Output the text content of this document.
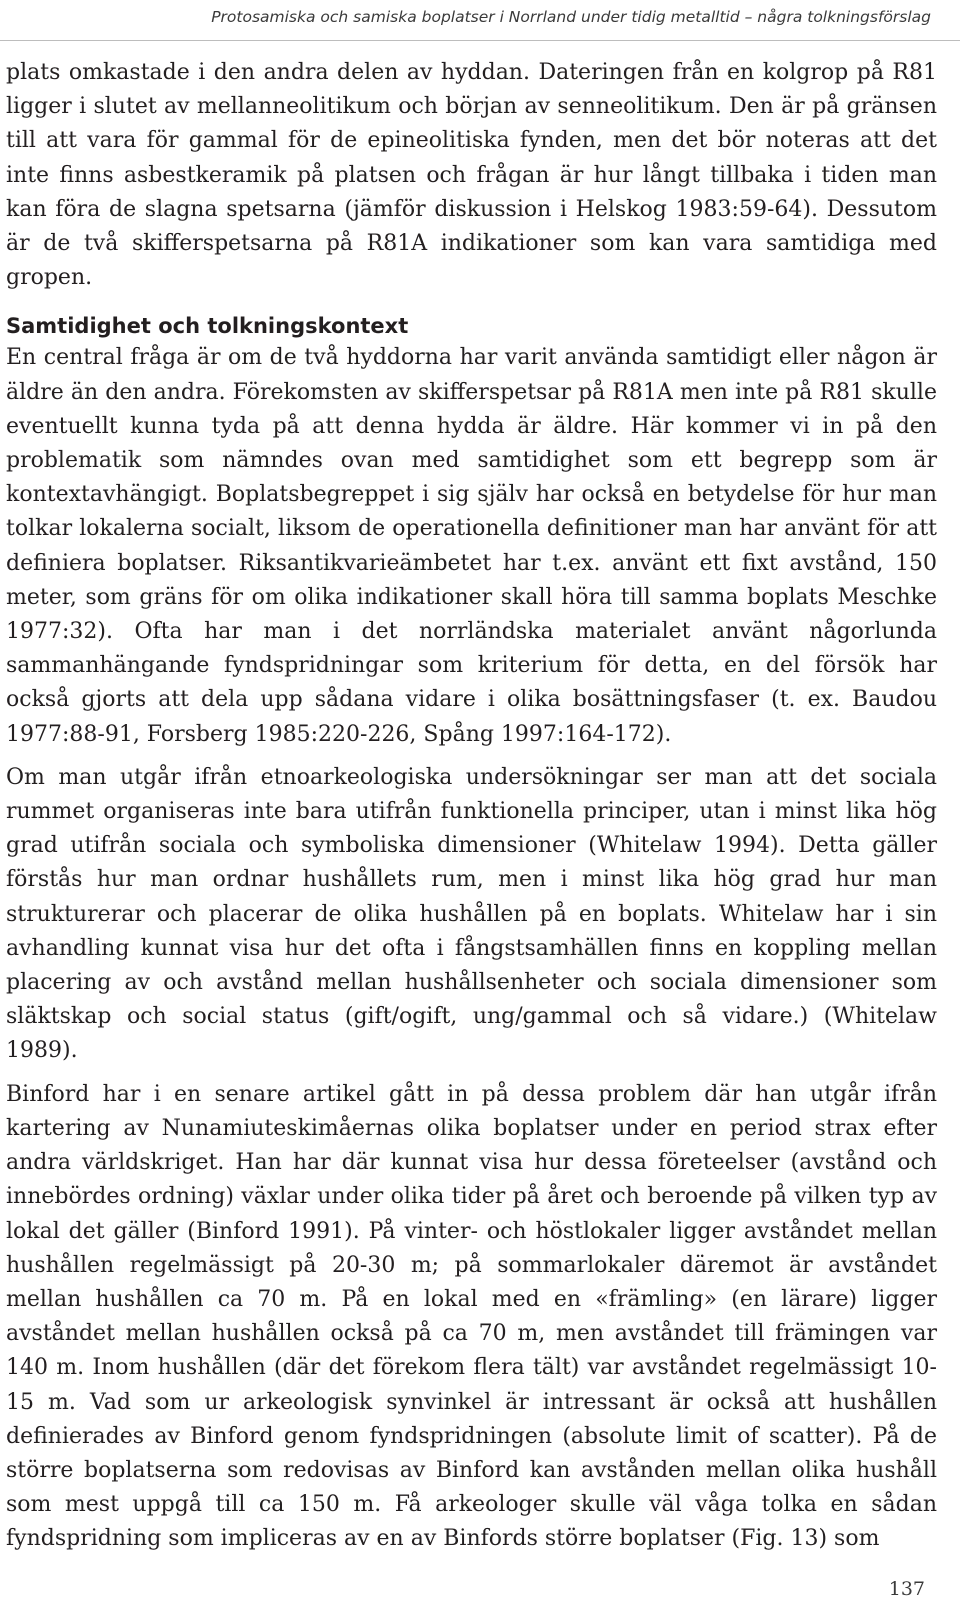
Protosamiska och samiska boplatser i Norrland under tidig metalltid – några tolkningsförslag

plats omkastade i den andra delen av hyddan. Dateringen från en kolgrop på R81 ligger i slutet av mellanneolitikum och början av senneolitikum. Den är på gränsen till att vara för gammal för de epineolitiska fynden, men det bör noteras att det inte finns asbestkeramik på platsen och frågan är hur långt tillbaka i tiden man kan föra de slagna spetsarna (jämför diskussion i Helskog 1983:59-64). Dessutom är de två skifferspetsarna på R81A indikationer som kan vara samtidiga med gropen.

Samtidighet och tolkningskontext

En central fråga är om de två hyddorna har varit använda samtidigt eller någon är äldre än den andra. Förekomsten av skifferspetsar på R81A men inte på R81 skulle eventuellt kunna tyda på att denna hydda är äldre. Här kommer vi in på den problematik som nämndes ovan med samtidighet som ett begrepp som är kontextavhängigt. Boplatsbegreppet i sig själv har också en betydelse för hur man tolkar lokalerna socialt, liksom de operationella definitioner man har använt för att definiera boplatser. Riksantikvarieämbetet har t.ex. använt ett fixt avstånd, 150 meter, som gräns för om olika indikationer skall höra till samma boplats Meschke 1977:32). Ofta har man i det norrländska materialet använt någorlunda sammanhängande fyndspridningar som kriterium för detta, en del försök har också gjorts att dela upp sådana vidare i olika bosättningsfaser (t. ex. Baudou 1977:88-91, Forsberg 1985:220-226, Spång 1997:164-172).

Om man utgår ifrån etnoarkeologiska undersökningar ser man att det sociala rummet organiseras inte bara utifrån funktionella principer, utan i minst lika hög grad utifrån sociala och symboliska dimensioner (Whitelaw 1994). Detta gäller förstås hur man ordnar hushållets rum, men i minst lika hög grad hur man strukturerar och placerar de olika hushållen på en boplats. Whitelaw har i sin avhandling kunnat visa hur det ofta i fångstsamhällen finns en koppling mellan placering av och avstånd mellan hushållsenheter och sociala dimensioner som släktskap och social status (gift/ogift, ung/gammal och så vidare.) (Whitelaw 1989).

Binford har i en senare artikel gått in på dessa problem där han utgår ifrån kartering av Nunamiuteskimåernas olika boplatser under en period strax efter andra världskriget. Han har där kunnat visa hur dessa företeelser (avstånd och innebördes ordning) växlar under olika tider på året och beroende på vilken typ av lokal det gäller (Binford 1991). På vinter- och höstlokaler ligger avståndet mellan hushållen regelmässigt på 20-30 m; på sommarlokaler däremot är avståndet mellan hushållen ca 70 m. På en lokal med en «främling» (en lärare) ligger avståndet mellan hushållen också på ca 70 m, men avståndet till främingen var 140 m. Inom hushållen (där det förekom flera tält) var avståndet regelmässigt 10-15 m. Vad som ur arkeologisk synvinkel är intressant är också att hushållen definierades av Binford genom fyndspridningen (absolute limit of scatter). På de större boplatserna som redovisas av Binford kan avstånden mellan olika hushåll som mest uppgå till ca 150 m. Få arkeologer skulle väl våga tolka en sådan fyndspridning som impliceras av en av Binfords större boplatser (Fig. 13) som

137
